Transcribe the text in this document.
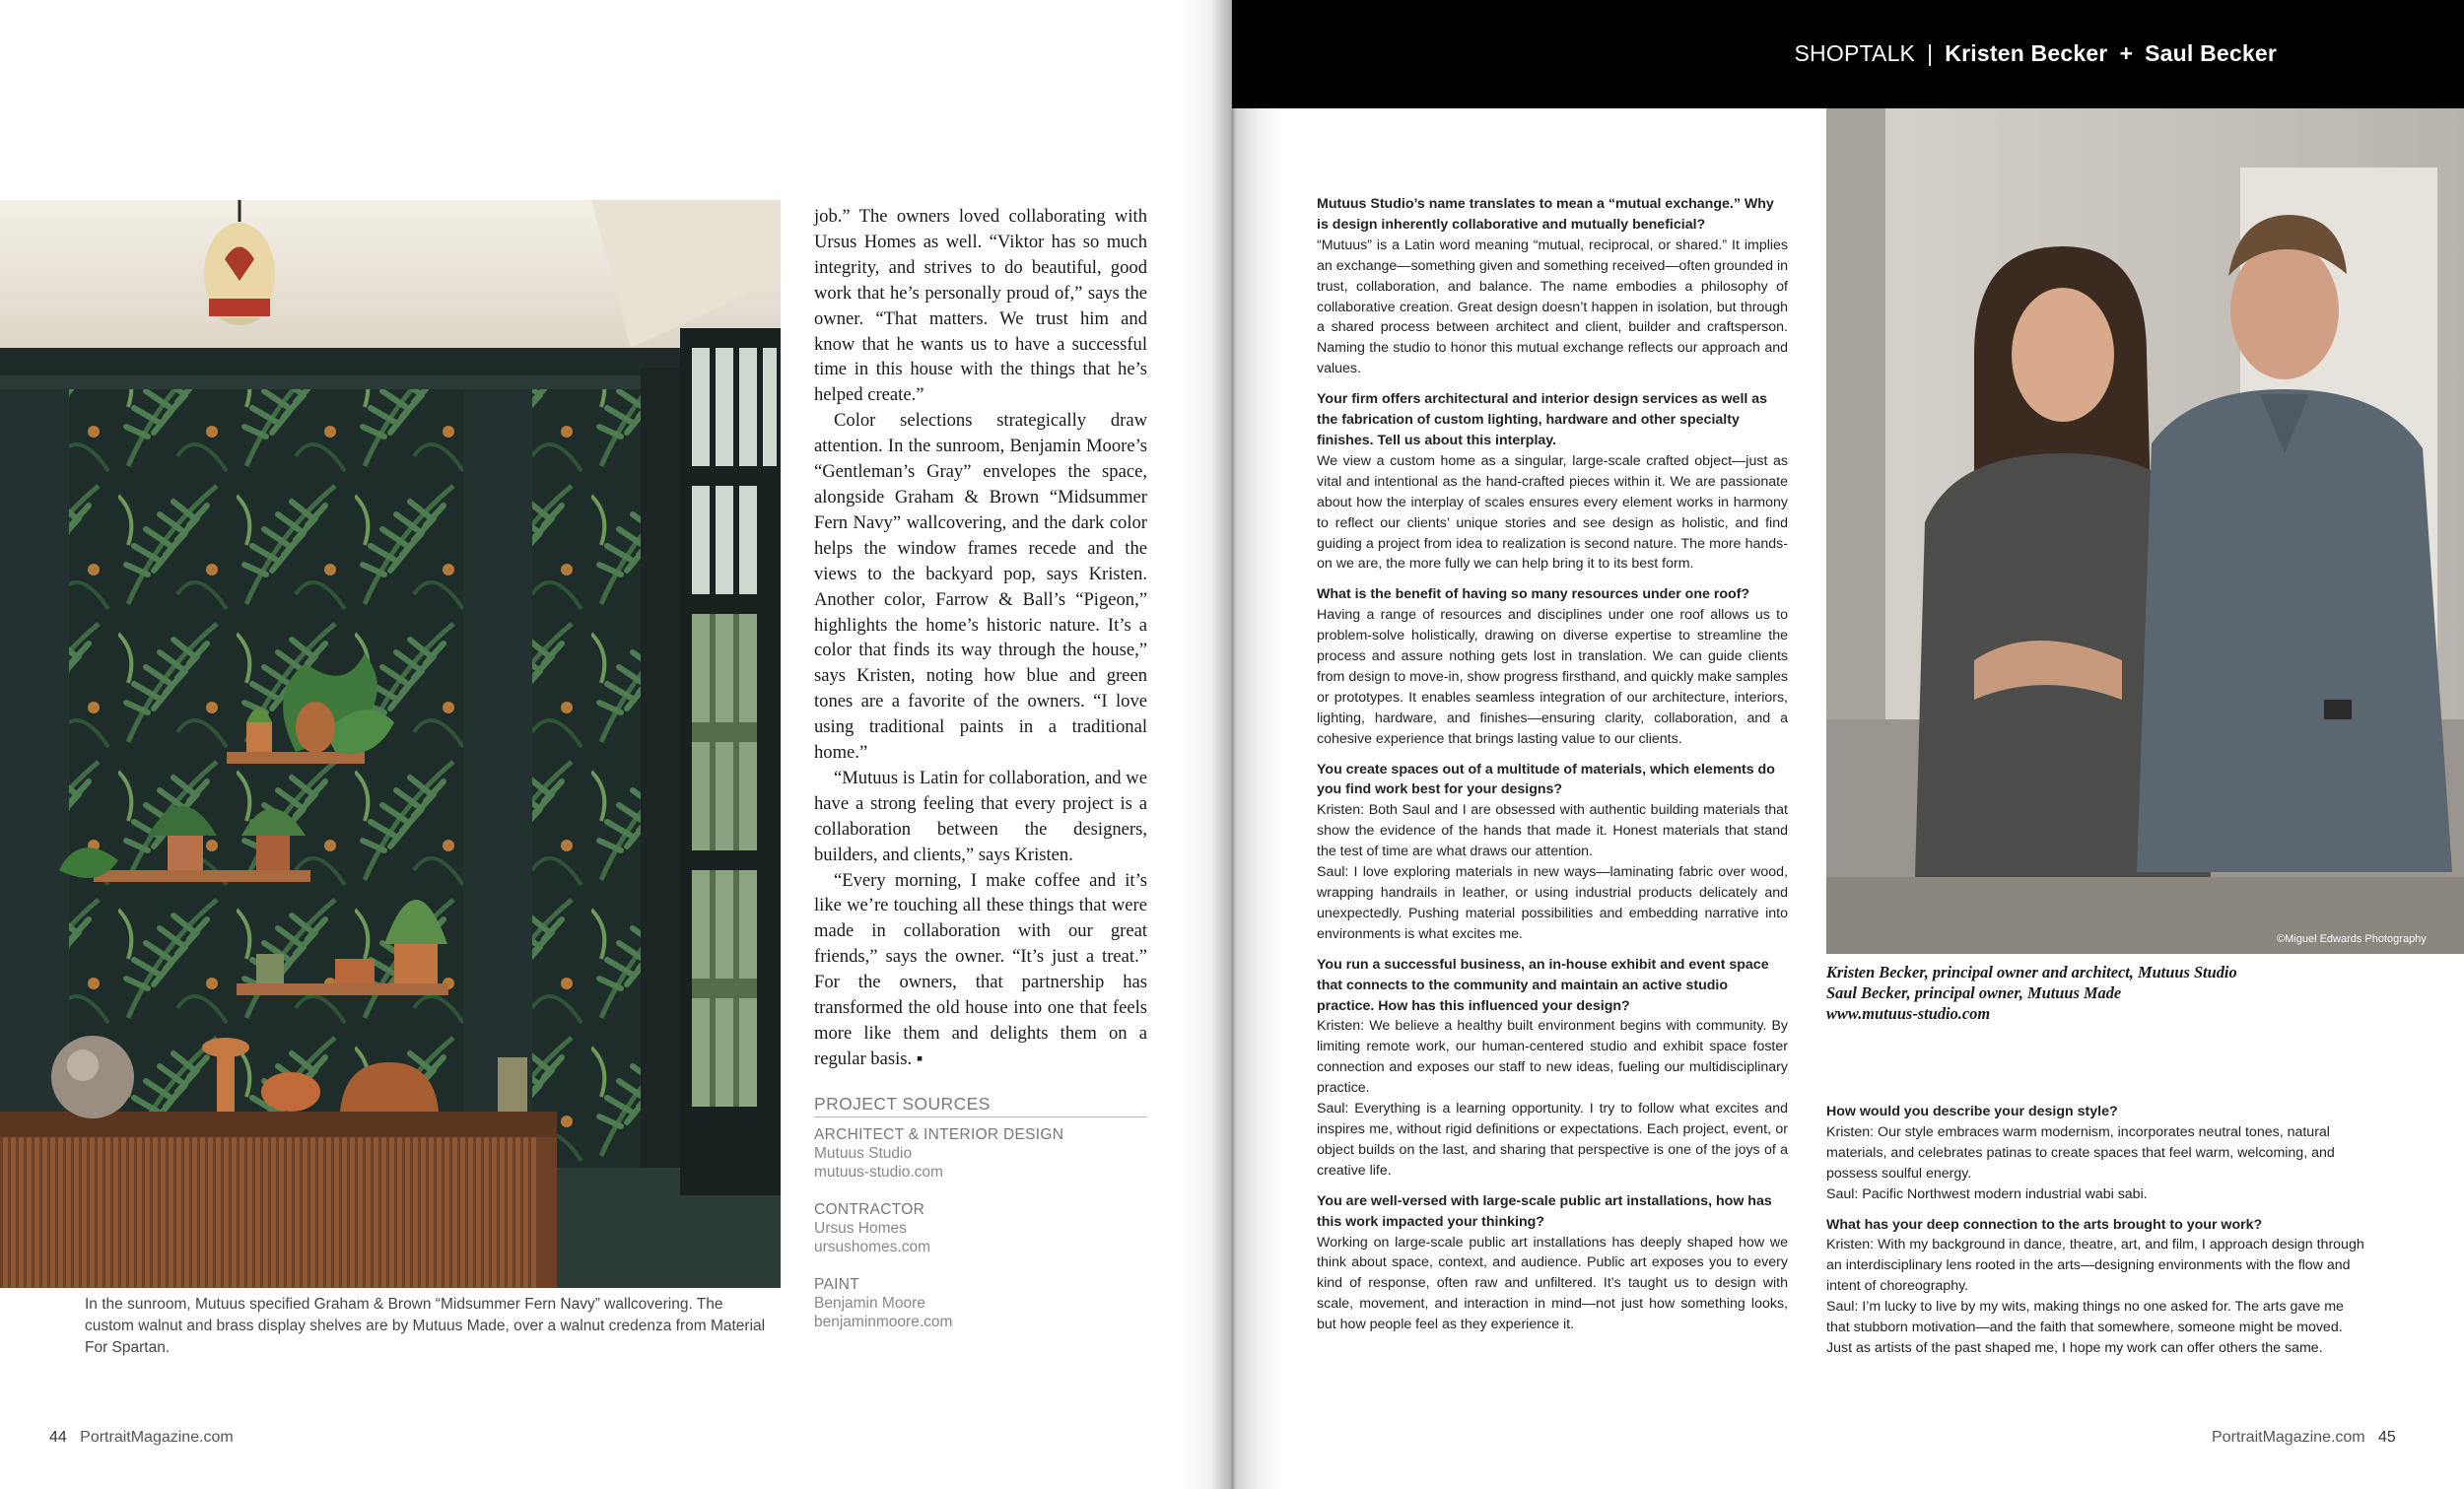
In the sunroom, Mutuus specified Graham & Brown “Midsummer Fern Navy” wallcovering. The custom walnut and brass display shelves are by Mutuus Made, over a walnut credenza from Material For Spartan.

job.” The owners loved collaborating with Ursus Homes as well. “Viktor has so much integrity, and strives to do beautiful, good work that he’s personally proud of,” says the owner. “That matters. We trust him and know that he wants us to have a successful time in this house with the things that he’s helped create.”

Color selections strategically draw attention. In the sunroom, Benjamin Moore’s “Gentleman’s Gray” envelopes the space, alongside Graham & Brown “Midsummer Fern Navy” wallcovering, and the dark color helps the window frames recede and the views to the backyard pop, says Kristen. Another color, Farrow & Ball’s “Pigeon,” highlights the home’s historic nature. It’s a color that finds its way through the house,” says Kristen, noting how blue and green tones are a favorite of the owners. “I love using traditional paints in a traditional home.”

“Mutuus is Latin for collaboration, and we have a strong feeling that every project is a collaboration between the designers, builders, and clients,” says Kristen.

“Every morning, I make coffee and it’s like we’re touching all these things that were made in collaboration with our great friends,” says the owner. “It’s just a treat.” For the owners, that partnership has transformed the old house into one that feels more like them and delights them on a regular basis. ▪

PROJECT SOURCES
ARCHITECT & INTERIOR DESIGN
Mutuus Studio
mutuus-studio.com
CONTRACTOR
Ursus Homes
ursushomes.com
PAINT
Benjamin Moore
benjaminmoore.com
44 PortraitMagazine.com
SHOPTALK | Kristen Becker + Saul Becker

Mutuus Studio’s name translates to mean a “mutual exchange.” Why is design inherently collaborative and mutually beneficial?

“Mutuus” is a Latin word meaning “mutual, reciprocal, or shared.” It implies an exchange—something given and something received—often grounded in trust, collaboration, and balance. The name embodies a philosophy of collaborative creation. Great design doesn’t happen in isolation, but through a shared process between architect and client, builder and craftsperson. Naming the studio to honor this mutual exchange reflects our approach and values.

Your firm offers architectural and interior design services as well as the fabrication of custom lighting, hardware and other specialty finishes. Tell us about this interplay.

We view a custom home as a singular, large-scale crafted object—just as vital and intentional as the hand-crafted pieces within it. We are passionate about how the interplay of scales ensures every element works in harmony to reflect our clients’ unique stories and see design as holistic, and find guiding a project from idea to realization is second nature. The more hands-on we are, the more fully we can help bring it to its best form.

What is the benefit of having so many resources under one roof?

Having a range of resources and disciplines under one roof allows us to problem-solve holistically, drawing on diverse expertise to streamline the process and assure nothing gets lost in translation. We can guide clients from design to move-in, show progress firsthand, and quickly make samples or prototypes. It enables seamless integration of our architecture, interiors, lighting, hardware, and finishes—ensuring clarity, collaboration, and a cohesive experience that brings lasting value to our clients.

You create spaces out of a multitude of materials, which elements do you find work best for your designs?

Kristen: Both Saul and I are obsessed with authentic building materials that show the evidence of the hands that made it. Honest materials that stand the test of time are what draws our attention.

Saul: I love exploring materials in new ways—laminating fabric over wood, wrapping handrails in leather, or using industrial products delicately and unexpectedly. Pushing material possibilities and embedding narrative into environments is what excites me.

You run a successful business, an in-house exhibit and event space that connects to the community and maintain an active studio practice. How has this influenced your design?

Kristen: We believe a healthy built environment begins with community. By limiting remote work, our human-centered studio and exhibit space foster connection and exposes our staff to new ideas, fueling our multidisciplinary practice.

Saul: Everything is a learning opportunity. I try to follow what excites and inspires me, without rigid definitions or expectations. Each project, event, or object builds on the last, and sharing that perspective is one of the joys of a creative life.

You are well-versed with large-scale public art installations, how has this work impacted your thinking?

Working on large-scale public art installations has deeply shaped how we think about space, context, and audience. Public art exposes you to every kind of response, often raw and unfiltered. It’s taught us to design with scale, movement, and interaction in mind—not just how something looks, but how people feel as they experience it.

©Miguel Edwards Photography
Kristen Becker, principal owner and architect, Mutuus Studio
Saul Becker, principal owner, Mutuus Made
www.mutuus-studio.com

How would you describe your design style?

Kristen: Our style embraces warm modernism, incorporates neutral tones, natural materials, and celebrates patinas to create spaces that feel warm, welcoming, and possess soulful energy.

Saul: Pacific Northwest modern industrial wabi sabi.

What has your deep connection to the arts brought to your work?

Kristen: With my background in dance, theatre, art, and film, I approach design through an interdisciplinary lens rooted in the arts—designing environments with the flow and intent of choreography.

Saul: I’m lucky to live by my wits, making things no one asked for. The arts gave me that stubborn motivation—and the faith that somewhere, someone might be moved. Just as artists of the past shaped me, I hope my work can offer others the same.

PortraitMagazine.com 45
